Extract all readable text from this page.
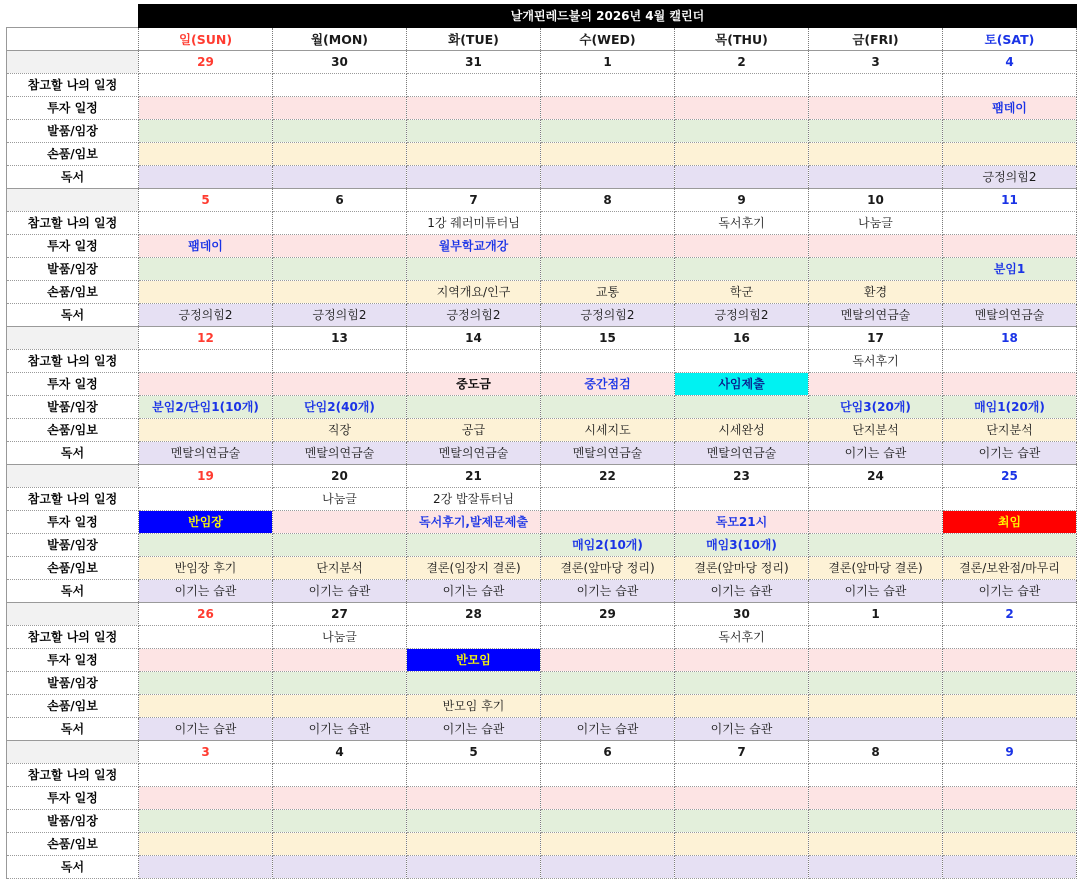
	날개핀레드불의 2026년 4월 캘린더						
	일(SUN)	월(MON)	화(TUE)	수(WED)	목(THU)	금(FRI)	토(SAT)
	29	30	31	1	2	3	4
참고할 나의 일정							
투자 일정							팸데이
발품/임장							
손품/임보							
독서							긍정의힘2
	5	6	7	8	9	10	11
참고할 나의 일정			1강 줴러미튜터님		독서후기	나눔글	
투자 일정	팸데이		월부학교개강				
발품/임장							분임1
손품/임보			지역개요/인구	교통	학군	환경	
독서	긍정의힘2	긍정의힘2	긍정의힘2	긍정의힘2	긍정의힘2	멘탈의연금술	멘탈의연금술
	12	13	14	15	16	17	18
참고할 나의 일정						독서후기	
투자 일정			중도금	중간점검	사임제출		
발품/임장	분임2/단임1(10개)	단임2(40개)				단임3(20개)	매임1(20개)
손품/임보		직장	공급	시세지도	시세완성	단지분석	단지분석
독서	멘탈의연금술	멘탈의연금술	멘탈의연금술	멘탈의연금술	멘탈의연금술	이기는 습관	이기는 습관
	19	20	21	22	23	24	25
참고할 나의 일정		나눔글	2강 밥잘튜터님				
투자 일정	반임장		독서후기,발제문제출		독모21시		최임
발품/임장				매임2(10개)	매임3(10개)		
손품/임보	반임장 후기	단지분석	결론(임장지 결론)	결론(앞마당 정리)	결론(앞마당 정리)	결론(앞마당 결론)	결론/보완점/마무리
독서	이기는 습관	이기는 습관	이기는 습관	이기는 습관	이기는 습관	이기는 습관	이기는 습관
	26	27	28	29	30	1	2
참고할 나의 일정		나눔글			독서후기		
투자 일정			반모임				
발품/임장							
손품/임보			반모임 후기				
독서	이기는 습관	이기는 습관	이기는 습관	이기는 습관	이기는 습관		
	3	4	5	6	7	8	9
참고할 나의 일정							
투자 일정							
발품/임장							
손품/임보							
독서							
